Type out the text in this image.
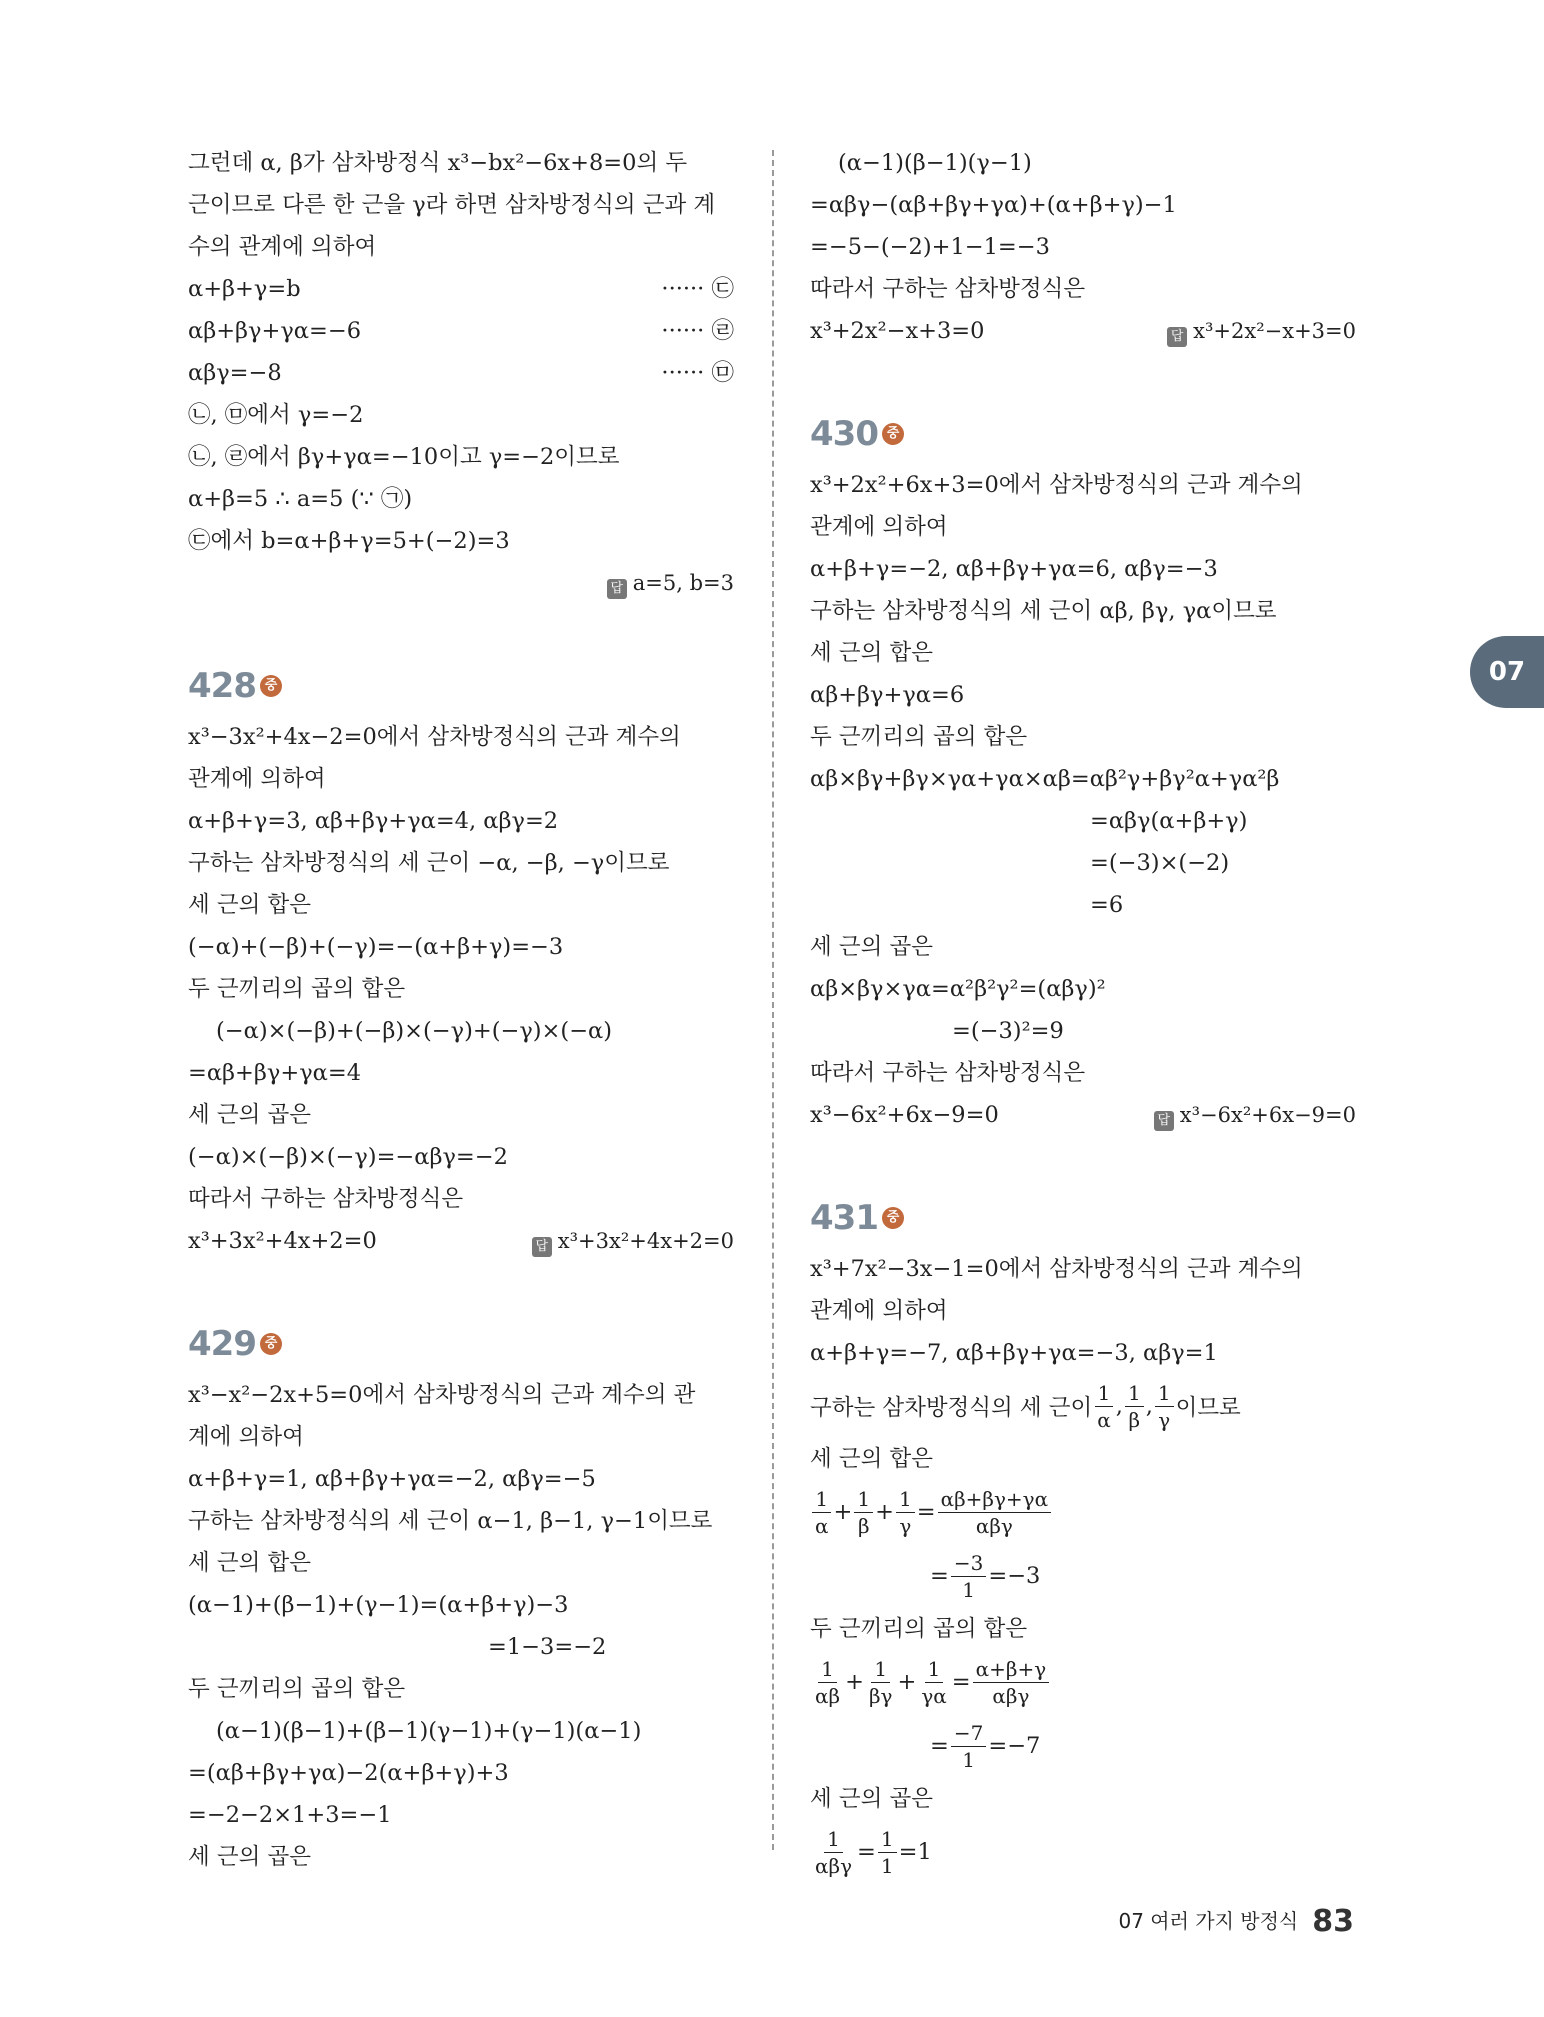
그런데 α, β가 삼차방정식 x³−bx²−6x+8=0의 두
근이므로 다른 한 근을 γ라 하면 삼차방정식의 근과 계
수의 관계에 의하여
α+β+γ=b	······ ㉢
αβ+βγ+γα=−6	······ ㉣
αβγ=−8	······ ㉤
㉡, ㉤에서 γ=−2
㉡, ㉣에서 βγ+γα=−10이고 γ=−2이므로
α+β=5 ∴ a=5 (∵ ㉠)
㉢에서 b=α+β+γ=5+(−2)=3
답 a=5, b=3
428 중
x³−3x²+4x−2=0에서 삼차방정식의 근과 계수의
관계에 의하여
α+β+γ=3, αβ+βγ+γα=4, αβγ=2
구하는 삼차방정식의 세 근이 −α, −β, −γ이므로
세 근의 합은
(−α)+(−β)+(−γ)=−(α+β+γ)=−3
두 근끼리의 곱의 합은
(−α)×(−β)+(−β)×(−γ)+(−γ)×(−α)
=αβ+βγ+γα=4
세 근의 곱은
(−α)×(−β)×(−γ)=−αβγ=−2
따라서 구하는 삼차방정식은
x³+3x²+4x+2=0	답 x³+3x²+4x+2=0
429 중
x³−x²−2x+5=0에서 삼차방정식의 근과 계수의 관
계에 의하여
α+β+γ=1, αβ+βγ+γα=−2, αβγ=−5
구하는 삼차방정식의 세 근이 α−1, β−1, γ−1이므로
세 근의 합은
(α−1)+(β−1)+(γ−1)=(α+β+γ)−3
=1−3=−2
두 근끼리의 곱의 합은
(α−1)(β−1)+(β−1)(γ−1)+(γ−1)(α−1)
=(αβ+βγ+γα)−2(α+β+γ)+3
=−2−2×1+3=−1
세 근의 곱은
(α−1)(β−1)(γ−1)
=αβγ−(αβ+βγ+γα)+(α+β+γ)−1
=−5−(−2)+1−1=−3
따라서 구하는 삼차방정식은
x³+2x²−x+3=0	답 x³+2x²−x+3=0
430 중
x³+2x²+6x+3=0에서 삼차방정식의 근과 계수의
관계에 의하여
α+β+γ=−2, αβ+βγ+γα=6, αβγ=−3
구하는 삼차방정식의 세 근이 αβ, βγ, γα이므로
세 근의 합은
αβ+βγ+γα=6
두 근끼리의 곱의 합은
αβ×βγ+βγ×γα+γα×αβ=αβ²γ+βγ²α+γα²β
=αβγ(α+β+γ)
=(−3)×(−2)
=6
세 근의 곱은
αβ×βγ×γα=α²β²γ²=(αβγ)²
=(−3)²=9
따라서 구하는 삼차방정식은
x³−6x²+6x−9=0	답 x³−6x²+6x−9=0
431 중
x³+7x²−3x−1=0에서 삼차방정식의 근과 계수의
관계에 의하여
α+β+γ=−7, αβ+βγ+γα=−3, αβγ=1
구하는 삼차방정식의 세 근이 $\frac{1}{\alpha}$ , $\frac{1}{\beta}$ , $\frac{1}{\gamma}$ 이므로
세 근의 합은
$\frac{1}{\alpha} + \frac{1}{\beta} + \frac{1}{\gamma} = \frac{\alpha\beta+\beta\gamma+\gamma\alpha}{\text{αβγ}}$
= $\frac{-3}{1} =-3$
두 근끼리의 곱의 합은
$\frac{1}{\alpha\beta} + \frac{1}{\beta\gamma} + \frac{1}{\gamma\alpha} = \frac{\alpha+\beta+\gamma}{\text{αβγ}}$
= $\frac{-7}{1} =-7$
세 근의 곱은
$\frac{1}{\text{αβγ}} = \frac{1}{1} =1$
07
07 여러 가지 방정식 83
